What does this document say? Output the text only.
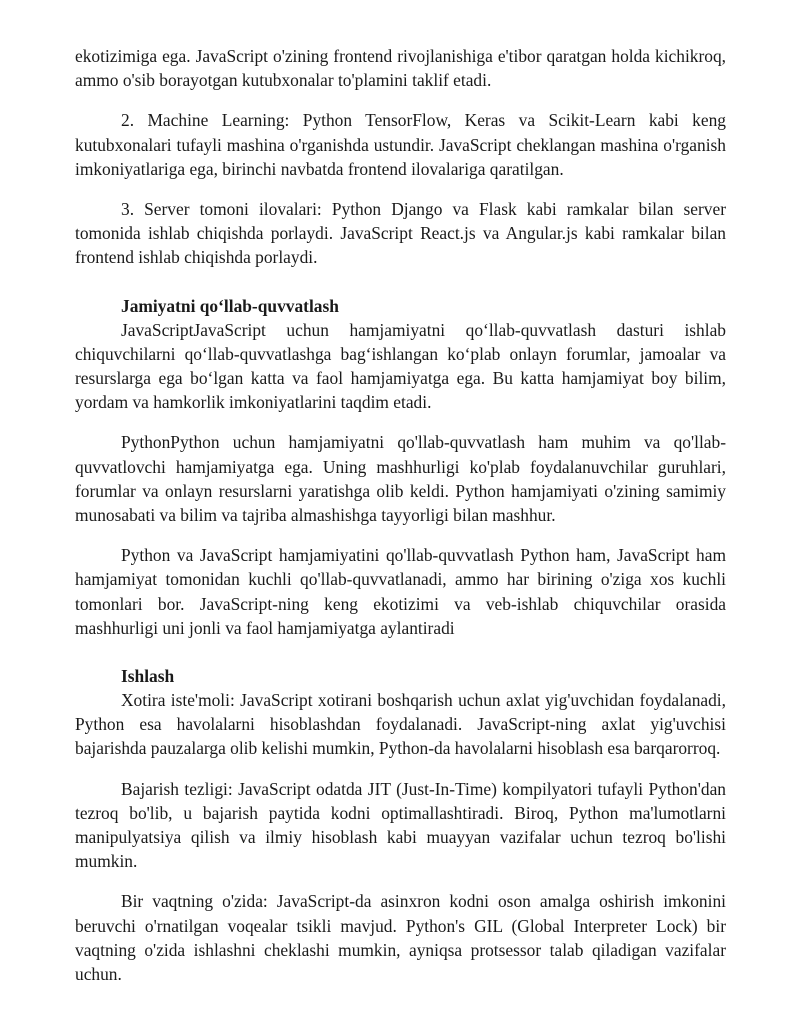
ekotizimiga ega. JavaScript o'zining frontend rivojlanishiga e'tibor qaratgan holda kichikroq, ammo o'sib borayotgan kutubxonalar to'plamini taklif etadi.

2. Machine Learning: Python TensorFlow, Keras va Scikit-Learn kabi keng kutubxonalari tufayli mashina o'rganishda ustundir. JavaScript cheklangan mashina o'rganish imkoniyatlariga ega, birinchi navbatda frontend ilovalariga qaratilgan.

3. Server tomoni ilovalari: Python Django va Flask kabi ramkalar bilan server tomonida ishlab chiqishda porlaydi. JavaScript React.js va Angular.js kabi ramkalar bilan frontend ishlab chiqishda porlaydi.

Jamiyatni qo‘llab-quvvatlash

JavaScriptJavaScript uchun hamjamiyatni qo‘llab-quvvatlash dasturi ishlab chiquvchilarni qo‘llab-quvvatlashga bag‘ishlangan ko‘plab onlayn forumlar, jamoalar va resurslarga ega bo‘lgan katta va faol hamjamiyatga ega. Bu katta hamjamiyat boy bilim, yordam va hamkorlik imkoniyatlarini taqdim etadi.

PythonPython uchun hamjamiyatni qo'llab-quvvatlash ham muhim va qo'llab-quvvatlovchi hamjamiyatga ega. Uning mashhurligi ko'plab foydalanuvchilar guruhlari, forumlar va onlayn resurslarni yaratishga olib keldi. Python hamjamiyati o'zining samimiy munosabati va bilim va tajriba almashishga tayyorligi bilan mashhur.

Python va JavaScript hamjamiyatini qo'llab-quvvatlash Python ham, JavaScript ham hamjamiyat tomonidan kuchli qo'llab-quvvatlanadi, ammo har birining o'ziga xos kuchli tomonlari bor. JavaScript-ning keng ekotizimi va veb-ishlab chiquvchilar orasida mashhurligi uni jonli va faol hamjamiyatga aylantiradi

Ishlash

Xotira iste'moli: JavaScript xotirani boshqarish uchun axlat yig'uvchidan foydalanadi, Python esa havolalarni hisoblashdan foydalanadi. JavaScript-ning axlat yig'uvchisi bajarishda pauzalarga olib kelishi mumkin, Python-da havolalarni hisoblash esa barqarorroq.

Bajarish tezligi: JavaScript odatda JIT (Just-In-Time) kompilyatori tufayli Python'dan tezroq bo'lib, u bajarish paytida kodni optimallashtiradi. Biroq, Python ma'lumotlarni manipulyatsiya qilish va ilmiy hisoblash kabi muayyan vazifalar uchun tezroq bo'lishi mumkin.

Bir vaqtning o'zida: JavaScript-da asinxron kodni oson amalga oshirish imkonini beruvchi o'rnatilgan voqealar tsikli mavjud. Python's GIL (Global Interpreter Lock) bir vaqtning o'zida ishlashni cheklashi mumkin, ayniqsa protsessor talab qiladigan vazifalar uchun.
